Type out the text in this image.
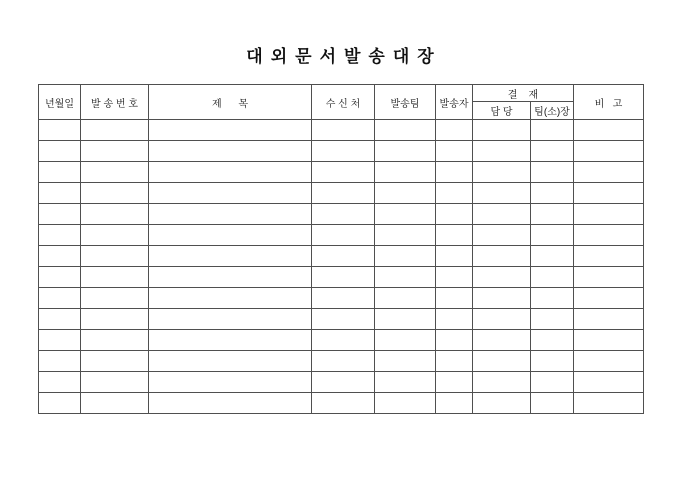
대외문서발송대장
년월일	발 송 번 호	제      목	수 신 처	발송팀	발송자	결    재		비   고
						담 당	팀(소)장	
